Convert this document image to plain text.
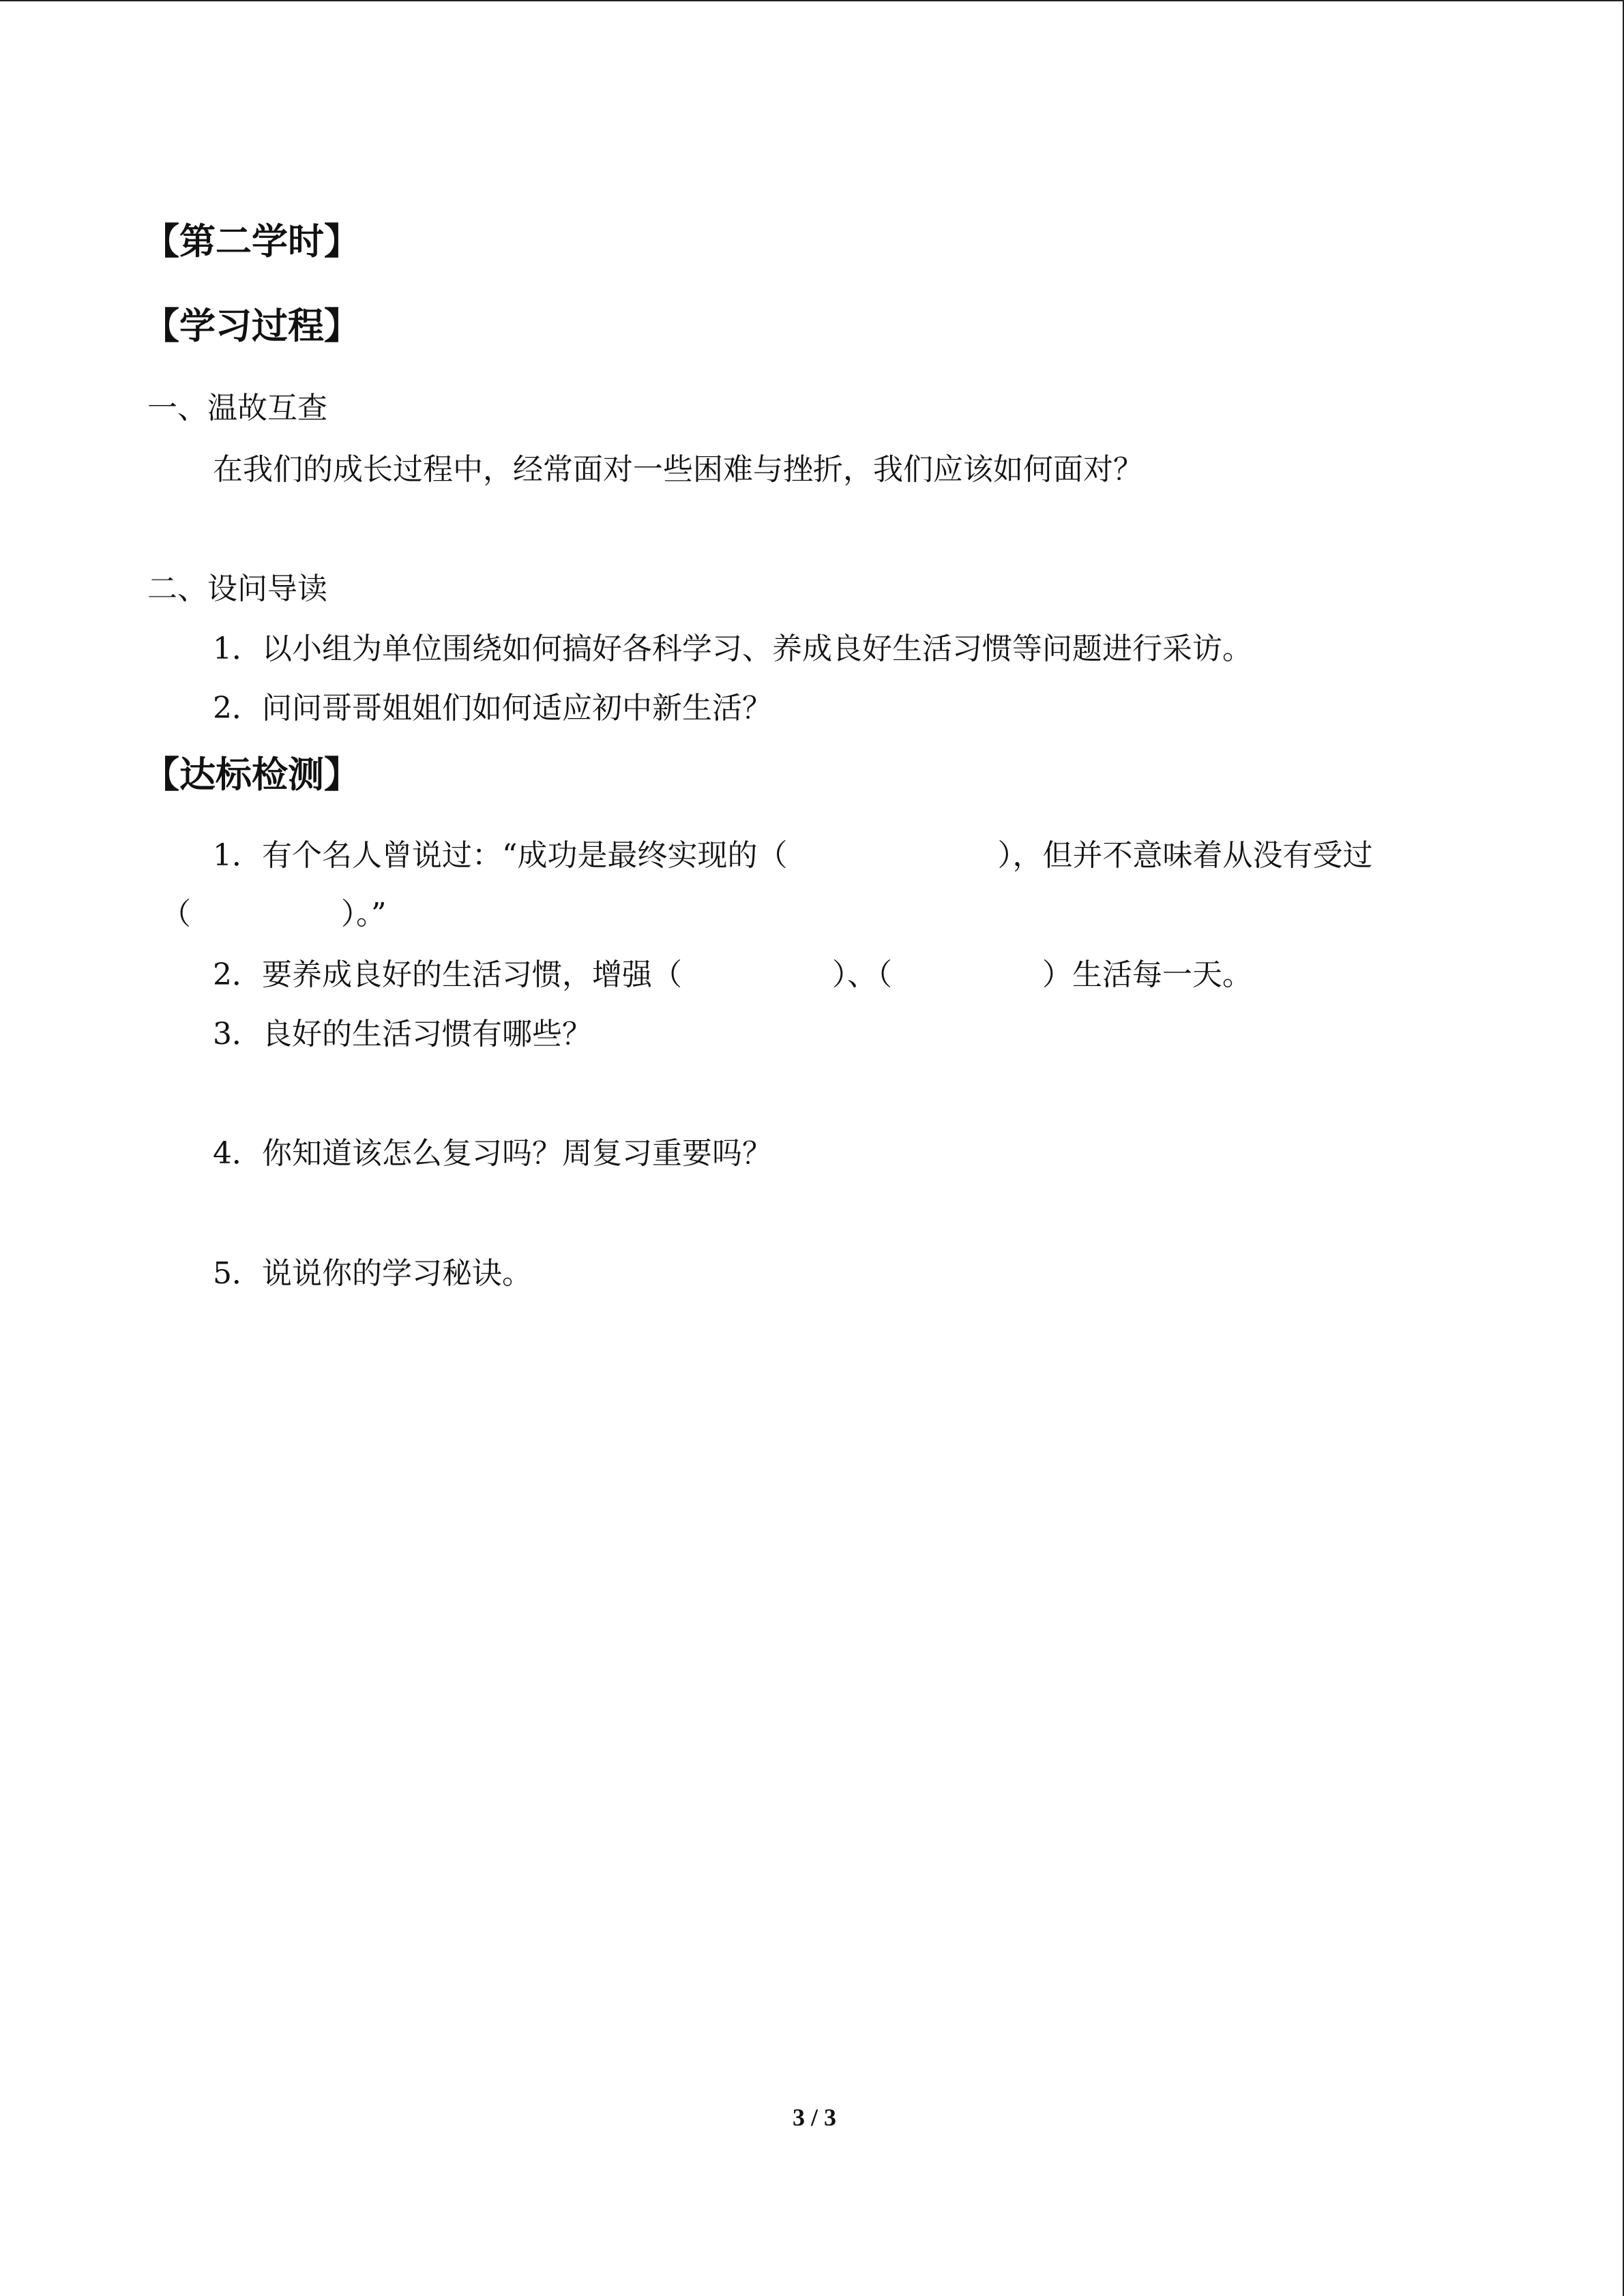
【第二学时】
【学习过程】
一、温故互查
在我们的成长过程中，经常面对一些困难与挫折，我们应该如何面对？
二、设问导读
1．以小组为单位围绕如何搞好各科学习、养成良好生活习惯等问题进行采访。
2．问问哥哥姐姐们如何适应初中新生活？
【达标检测】
1．有个名人曾说过：“成功是最终实现的（　　　　　　　），但并不意味着从没有受过
（　　　　　）。”
2．要养成良好的生活习惯，增强（　　　　　）、（　　　　　）生活每一天。
3．良好的生活习惯有哪些？
4．你知道该怎么复习吗？周复习重要吗？
5．说说你的学习秘诀。
3 / 3
